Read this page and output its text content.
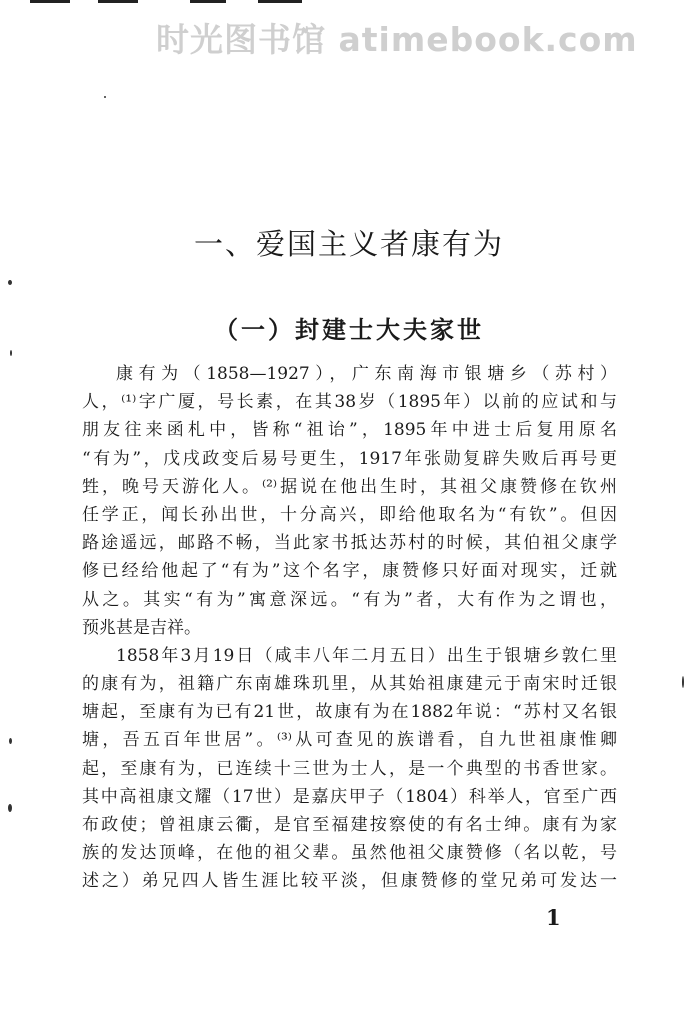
时光图书馆 atimebook.com
一、爱国主义者康有为
（一）封建士大夫家世
康有为（1858—1927），广东南海市银塘乡（苏村）
人，⁽¹⁾字广厦，号长素，在其38岁（1895年）以前的应试和与
朋友往来函札中，皆称“祖诒”，1895年中进士后复用原名
“有为”，戊戌政变后易号更生，1917年张勋复辟失败后再号更
甡，晚号天游化人。⁽²⁾据说在他出生时，其祖父康赞修在钦州
任学正，闻长孙出世，十分高兴，即给他取名为“有钦”。但因
路途遥远，邮路不畅，当此家书抵达苏村的时候，其伯祖父康学
修已经给他起了“有为”这个名字，康赞修只好面对现实，迁就
从之。其实“有为”寓意深远。“有为”者，大有作为之谓也，
预兆甚是吉祥。
1858年3月19日（咸丰八年二月五日）出生于银塘乡敦仁里
的康有为，祖籍广东南雄珠玑里，从其始祖康建元于南宋时迁银
塘起，至康有为已有21世，故康有为在1882年说：“苏村又名银
塘，吾五百年世居”。⁽³⁾从可查见的族谱看，自九世祖康惟卿
起，至康有为，已连续十三世为士人，是一个典型的书香世家。
其中高祖康文耀（17世）是嘉庆甲子（1804）科举人，官至广西
布政使；曾祖康云衢，是官至福建按察使的有名士绅。康有为家
族的发达顶峰，在他的祖父辈。虽然他祖父康赞修（名以乾，号
述之）弟兄四人皆生涯比较平淡，但康赞修的堂兄弟可发达一
1
